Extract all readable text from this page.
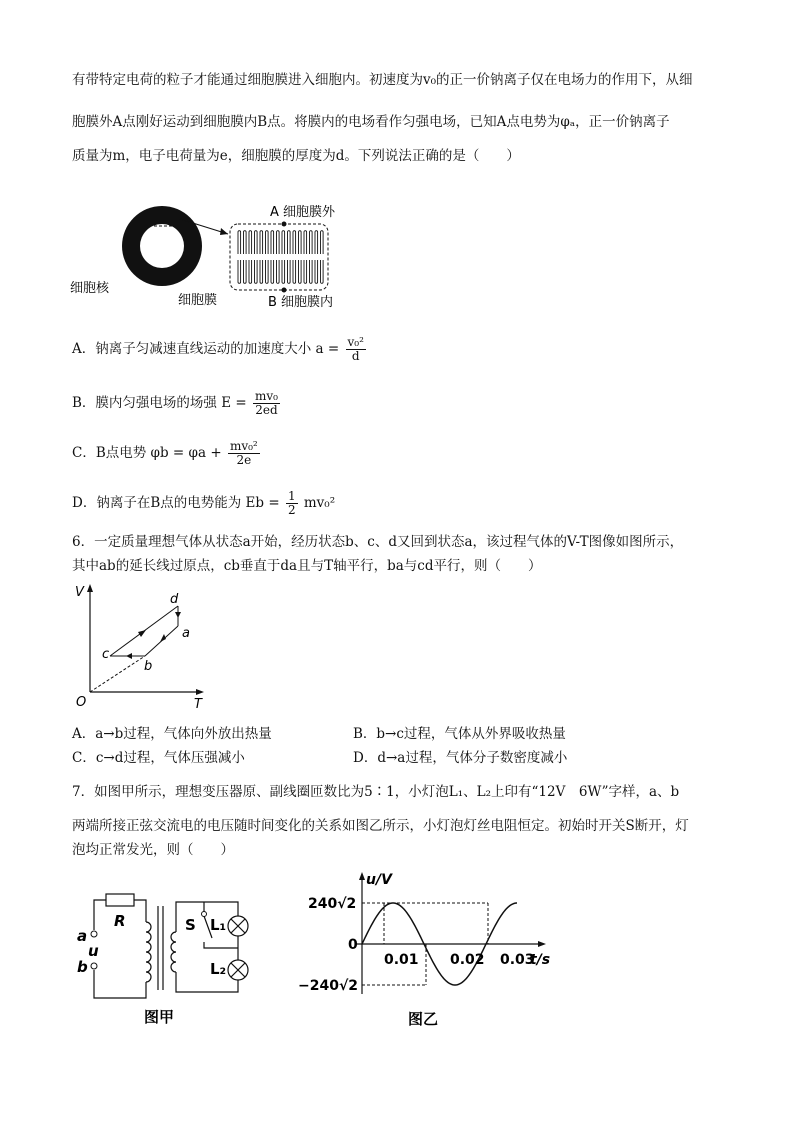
有带特定电荷的粒子才能通过细胞膜进入细胞内。初速度为v₀的正一价钠离子仅在电场力的作用下，从细
胞膜外A点刚好运动到细胞膜内B点。将膜内的电场看作匀强电场，已知A点电势为φₐ，正一价钠离子
质量为m，电子电荷量为e，细胞膜的厚度为d。下列说法正确的是（　　）
A 细胞膜外
B 细胞膜内
细胞核
细胞膜
A．钠离子匀减速直线运动的加速度大小 $a = \frac{\text{v₀²}}{d}$
B．膜内匀强电场的场强 $E = \frac{\text{mv₀}}{2ed}$
C．B点电势 $\varphi b = \varphi a + \frac{\text{mv₀²}}{2e}$
D．钠离子在B点的电势能为 $Eb = \frac{1}{2} mv_0^2$
6．一定质量理想气体从状态a开始，经历状态b、c、d又回到状态a，该过程气体的V-T图像如图所示，
其中ab的延长线过原点，cb垂直于da且与T轴平行，ba与cd平行，则（　　）
V
T
O
a
b
c
d
A．a→b过程，气体向外放出热量	B．b→c过程，气体从外界吸收热量
C．c→d过程，气体压强减小	D．d→a过程，气体分子数密度减小
7．如图甲所示，理想变压器原、副线圈匝数比为5∶1，小灯泡L₁、L₂上印有“12V　6W”字样，a、b
两端所接正弦交流电的电压随时间变化的关系如图乙所示，小灯泡灯丝电阻恒定。初始时开关S断开，灯
泡均正常发光，则（　　）
R
a
u
b
S L₁
L₂
图甲
u/V
t/s
240√2
0
−240√2
0.01 0.02 0.03
图乙
